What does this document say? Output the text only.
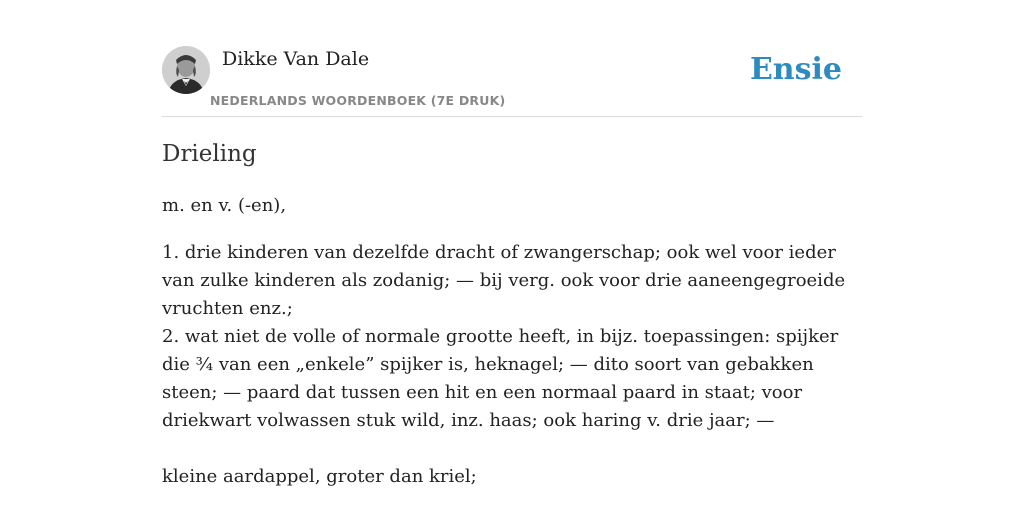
Dikke Van Dale
NEDERLANDS WOORDENBOEK (7E DRUK)
Ensie
Drieling

m. en v. (-en),

1. drie kinderen van dezelfde dracht of zwangerschap; ook wel voor ieder van zulke kinderen als zodanig; — bij verg. ook voor drie aaneengegroeide vruchten enz.;

2. wat niet de volle of normale grootte heeft, in bijz. toepassingen: spijker die ¾ van een „enkele” spijker is, heknagel; — dito soort van gebakken steen; — paard dat tussen een hit en een normaal paard in staat; voor driekwart volwassen stuk wild, inz. haas; ook haring v. drie jaar; —

kleine aardappel, groter dan kriel;
